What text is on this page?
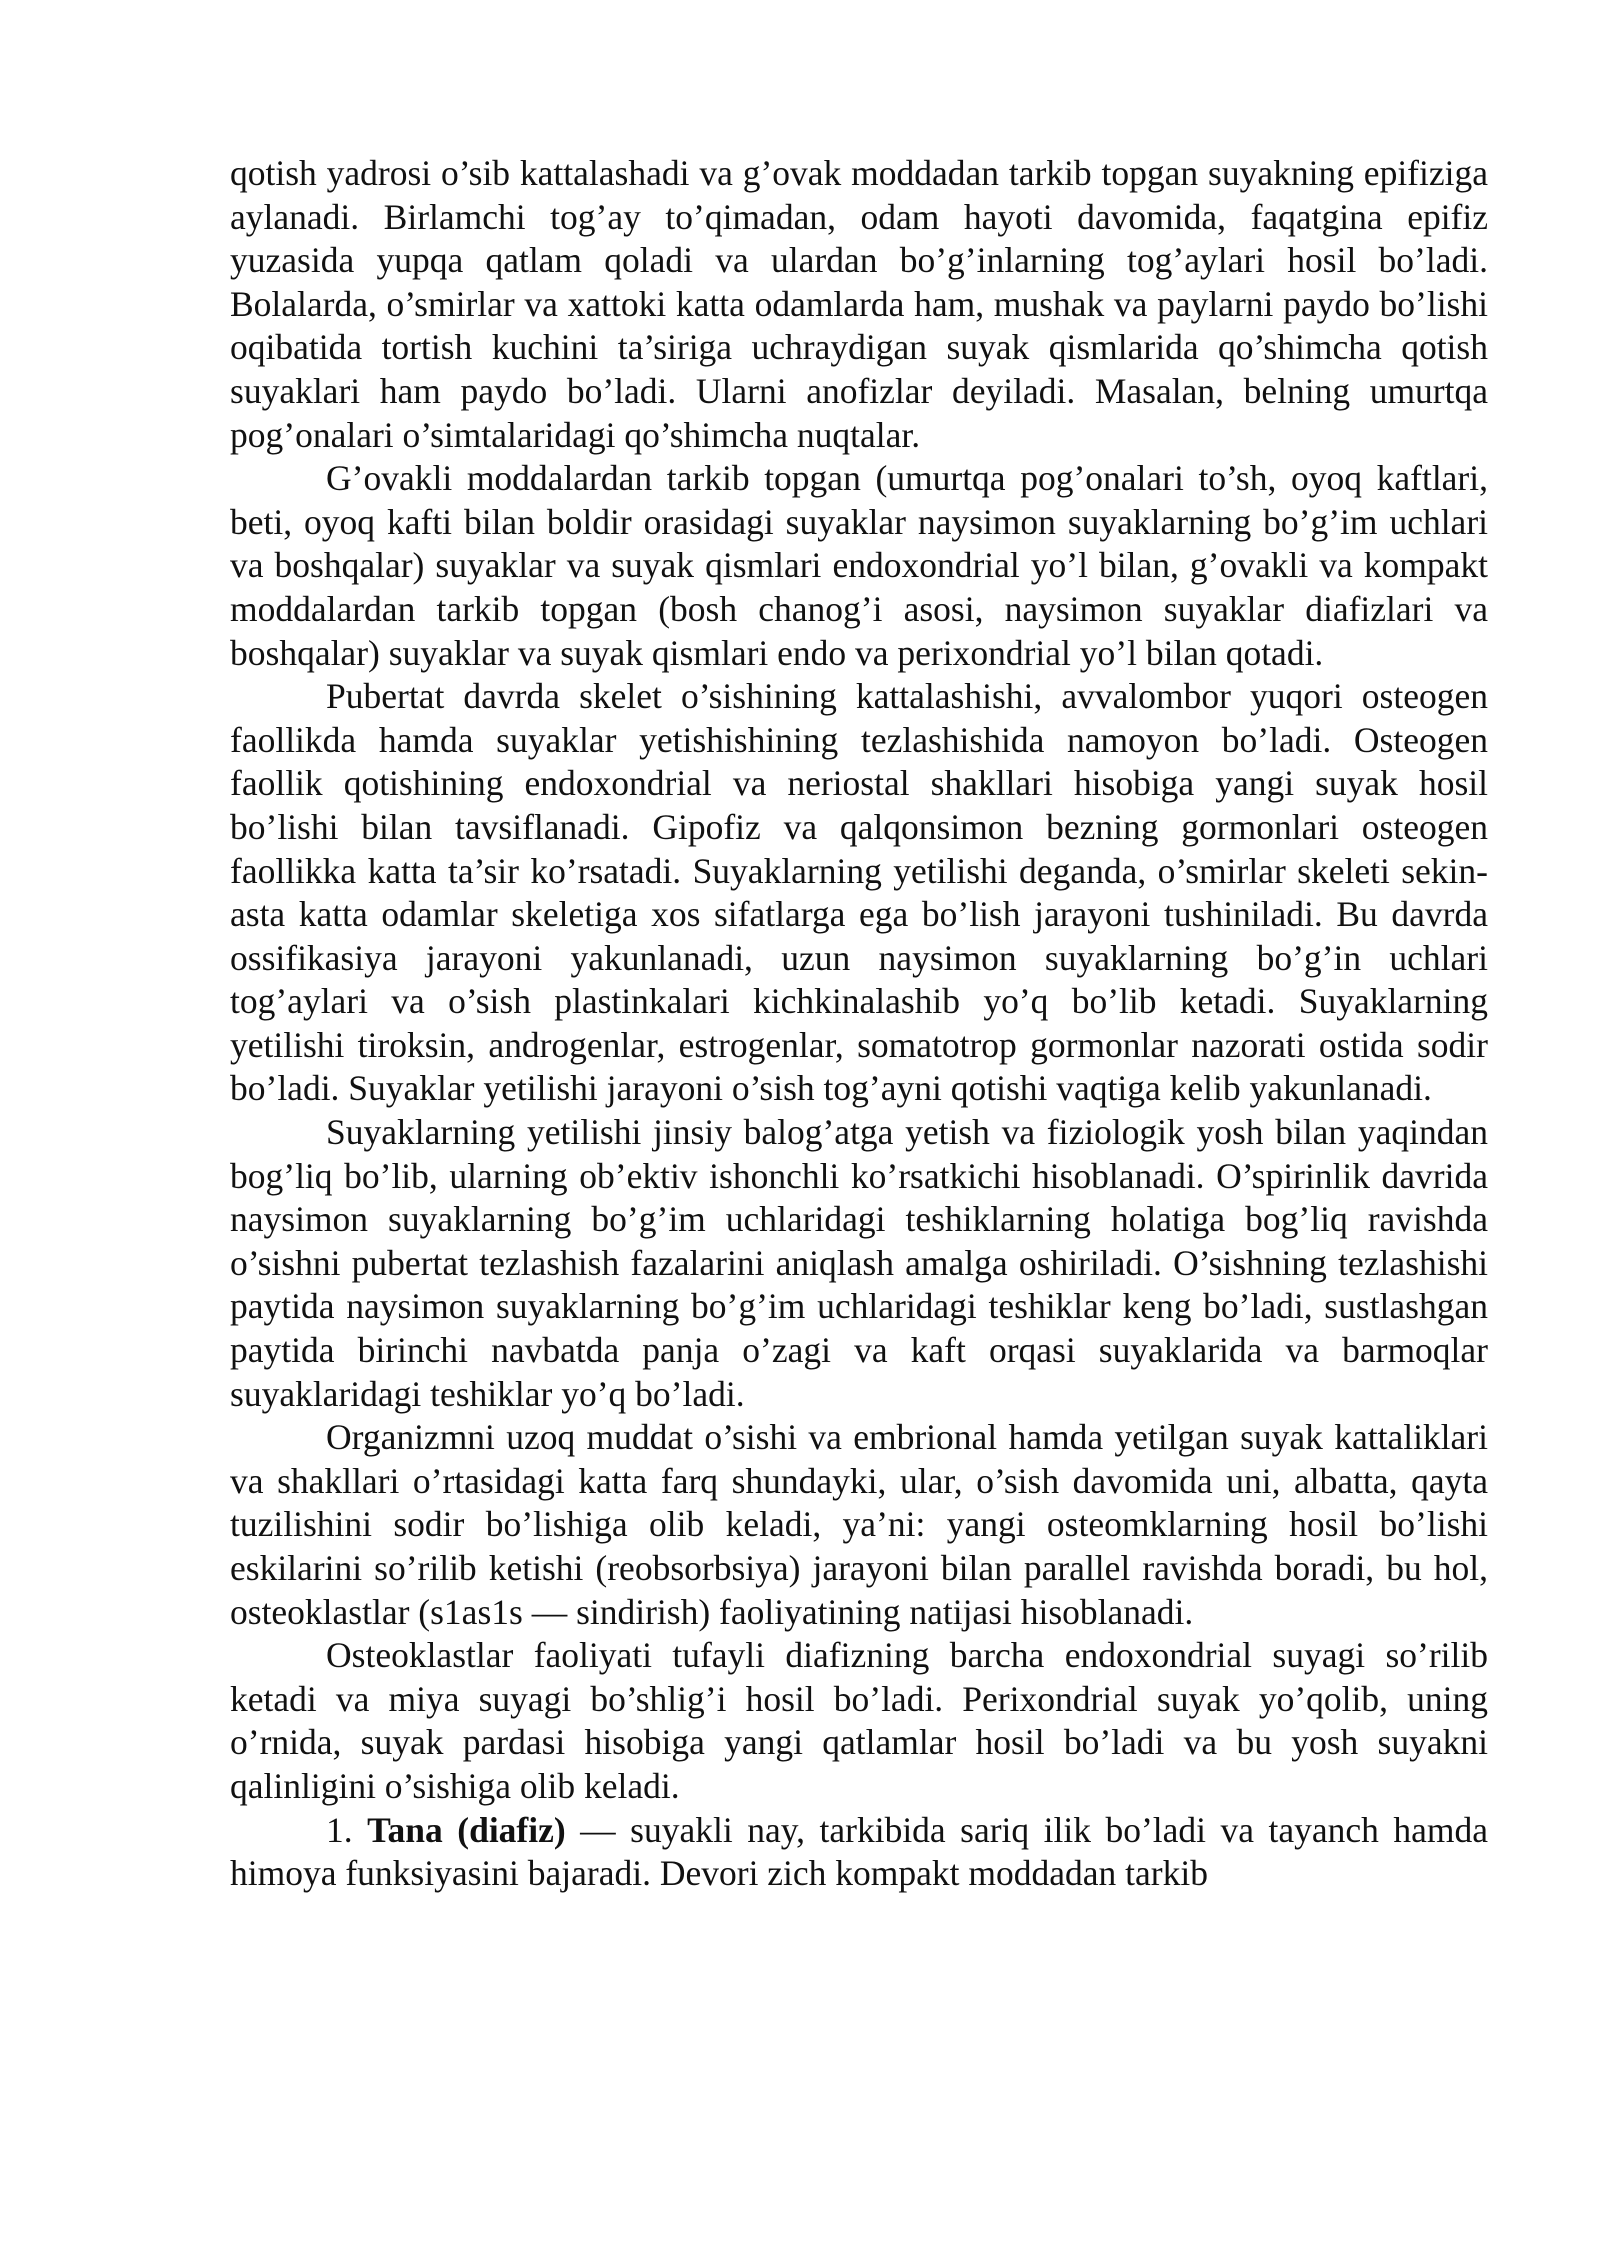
qotish yadrosi o’sib kattalashadi va g’ovak moddadan tarkib topgan suyakning epifiziga aylanadi. Birlamchi tog’ay to’qimadan, odam hayoti davomida, faqatgina epifiz yuzasida yupqa qatlam qoladi va ulardan bo’g’inlarning tog’aylari hosil bo’ladi. Bolalarda, o’smirlar va xattoki katta odamlarda ham, mushak va paylarni paydo bo’lishi oqibatida tortish kuchini ta’siriga uchraydigan suyak qismlarida qo’shimcha qotish suyaklari ham paydo bo’ladi. Ularni anofizlar deyiladi. Masalan, belning umurtqa pog’onalari o’simtalaridagi qo’shimcha nuqtalar.

G’ovakli moddalardan tarkib topgan (umurtqa pog’onalari to’sh, oyoq kaftlari, beti, oyoq kafti bilan boldir orasidagi suyaklar naysimon suyaklarning bo’g’im uchlari va boshqalar) suyaklar va suyak qismlari endoxondrial yo’l bilan, g’ovakli va kompakt moddalardan tarkib topgan (bosh chanog’i asosi, naysimon suyaklar diafizlari va boshqalar) suyaklar va suyak qismlari endo va perixondrial yo’l bilan qotadi.

Pubertat davrda skelet o’sishining kattalashishi, avvalombor yuqori osteogen faollikda hamda suyaklar yetishishining tezlashishida namoyon bo’ladi. Osteogen faollik qotishining endoxondrial va neriostal shakllari hisobiga yangi suyak hosil bo’lishi bilan tavsiflanadi. Gipofiz va qalqonsimon bezning gormonlari osteogen faollikka katta ta’sir ko’rsatadi. Suyaklarning yetilishi deganda, o’smirlar skeleti sekin-asta katta odamlar skeletiga xos sifatlarga ega bo’lish jarayoni tushiniladi. Bu davrda ossifikasiya jarayoni yakunlanadi, uzun naysimon suyaklarning bo’g’in uchlari tog’aylari va o’sish plastinkalari kichkinalashib yo’q bo’lib ketadi. Suyaklarning yetilishi tiroksin, androgenlar, estrogenlar, somatotrop gormonlar nazorati ostida sodir bo’ladi. Suyaklar yetilishi jarayoni o’sish tog’ayni qotishi vaqtiga kelib yakunlanadi.

Suyaklarning yetilishi jinsiy balog’atga yetish va fiziologik yosh bilan yaqindan bog’liq bo’lib, ularning ob’ektiv ishonchli ko’rsatkichi hisoblanadi. O’spirinlik davrida naysimon suyaklarning bo’g’im uchlaridagi teshiklarning holatiga bog’liq ravishda o’sishni pubertat tezlashish fazalarini aniqlash amalga oshiriladi. O’sishning tezlashishi paytida naysimon suyaklarning bo’g’im uchlaridagi teshiklar keng bo’ladi, sustlashgan paytida birinchi navbatda panja o’zagi va kaft orqasi suyaklarida va barmoqlar suyaklaridagi teshiklar yo’q bo’ladi.

Organizmni uzoq muddat o’sishi va embrional hamda yetilgan suyak kattaliklari va shakllari o’rtasidagi katta farq shundayki, ular, o’sish davomida uni, albatta, qayta tuzilishini sodir bo’lishiga olib keladi, ya’ni: yangi osteomklarning hosil bo’lishi eskilarini so’rilib ketishi (reobsorbsiya) jarayoni bilan parallel ravishda boradi, bu hol, osteoklastlar (s1as1s — sindirish) faoliyatining natijasi hisoblanadi.

Osteoklastlar faoliyati tufayli diafizning barcha endoxondrial suyagi so’rilib ketadi va miya suyagi bo’shlig’i hosil bo’ladi. Perixondrial suyak yo’qolib, uning o’rnida, suyak pardasi hisobiga yangi qatlamlar hosil bo’ladi va bu yosh suyakni qalinligini o’sishiga olib keladi.

1. Tana (diafiz) — suyakli nay, tarkibida sariq ilik bo’ladi va tayanch hamda himoya funksiyasini bajaradi. Devori zich kompakt moddadan tarkib
